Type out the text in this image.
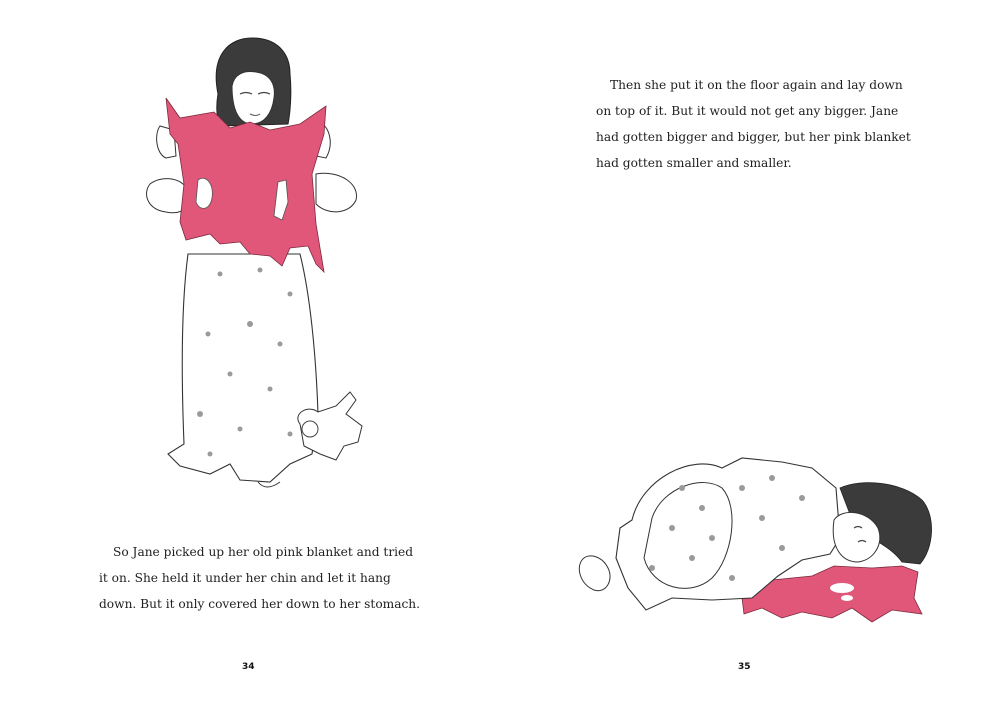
So Jane picked up her old pink blanket and tried
it on. She held it under her chin and let it hang
down. But it only covered her down to her stomach.

34

Then she put it on the floor again and lay down
on top of it. But it would not get any bigger. Jane
had gotten bigger and bigger, but her pink blanket
had gotten smaller and smaller.

35
